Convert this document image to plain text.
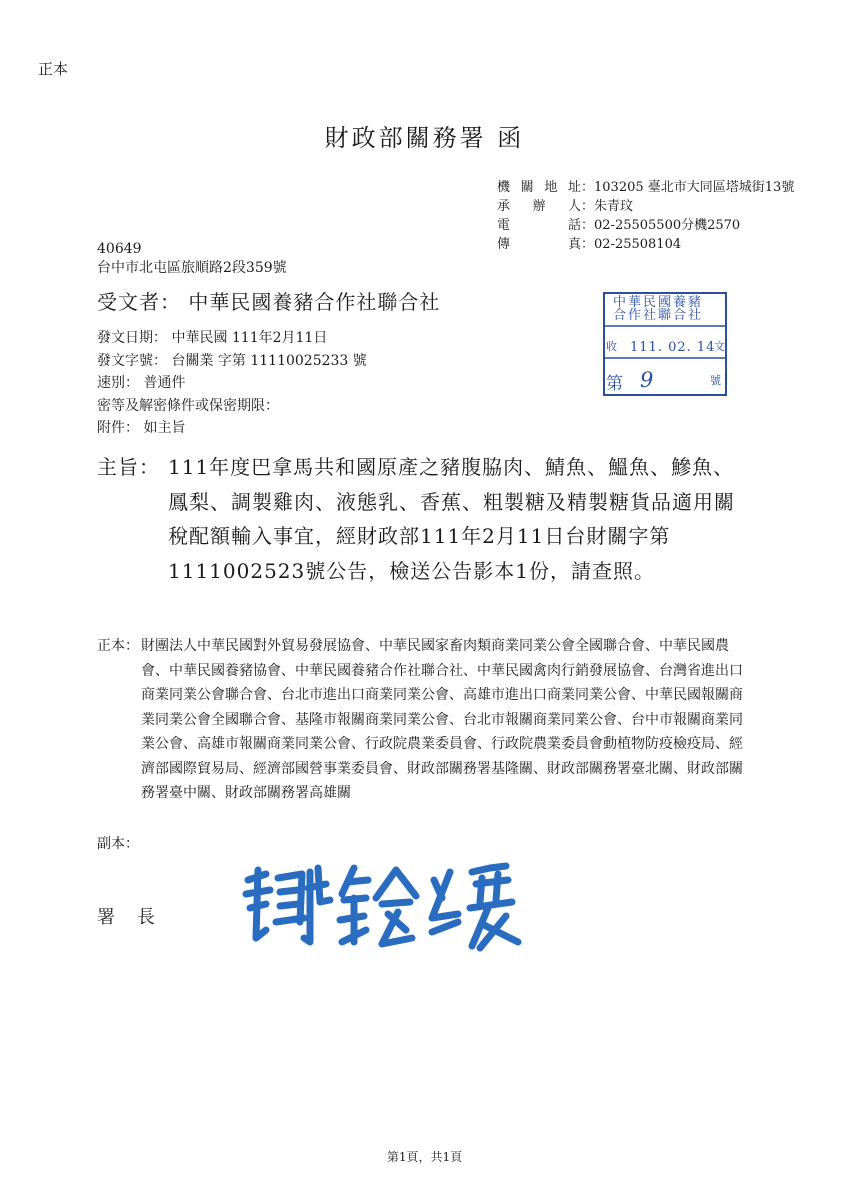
正本
財政部關務署 函
機關地址 ： 103205 臺北市大同區塔城街13號
承辦人 ： 朱青玟
電話 ： 02-25505500分機2570
傳真 ： 02-25508104
40649
台中市北屯區旅順路2段359號
受文者： 中華民國養豬合作社聯合社
發文日期： 中華民國 111年2月11日
發文字號： 台關業 字第 11110025233 號
速別： 普通件
密等及解密條件或保密期限：
附件： 如主旨
中華民國養豬
合作社聯合社
收 111. 02. 14
文
第 9	號
主旨： 111年度巴拿馬共和國原產之豬腹脇肉、鯖魚、鰮魚、鰺魚、鳳梨、調製雞肉、液態乳、香蕉、粗製糖及精製糖貨品適用關稅配額輸入事宜，經財政部111年2月11日台財關字第1111002523號公告，檢送公告影本1份，請查照。
正本： 財團法人中華民國對外貿易發展協會、中華民國家畜肉類商業同業公會全國聯合會、中華民國農會、中華民國養豬協會、中華民國養豬合作社聯合社、中華民國禽肉行銷發展協會、台灣省進出口商業同業公會聯合會、台北市進出口商業同業公會、高雄市進出口商業同業公會、中華民國報關商業同業公會全國聯合會、基隆市報關商業同業公會、台北市報關商業同業公會、台中市報關商業同業公會、高雄市報關商業同業公會、行政院農業委員會、行政院農業委員會動植物防疫檢疫局、經濟部國際貿易局、經濟部國營事業委員會、財政部關務署基隆關、財政部關務署臺北關、財政部關務署臺中關、財政部關務署高雄關
副本：
署長
第1頁，共1頁
